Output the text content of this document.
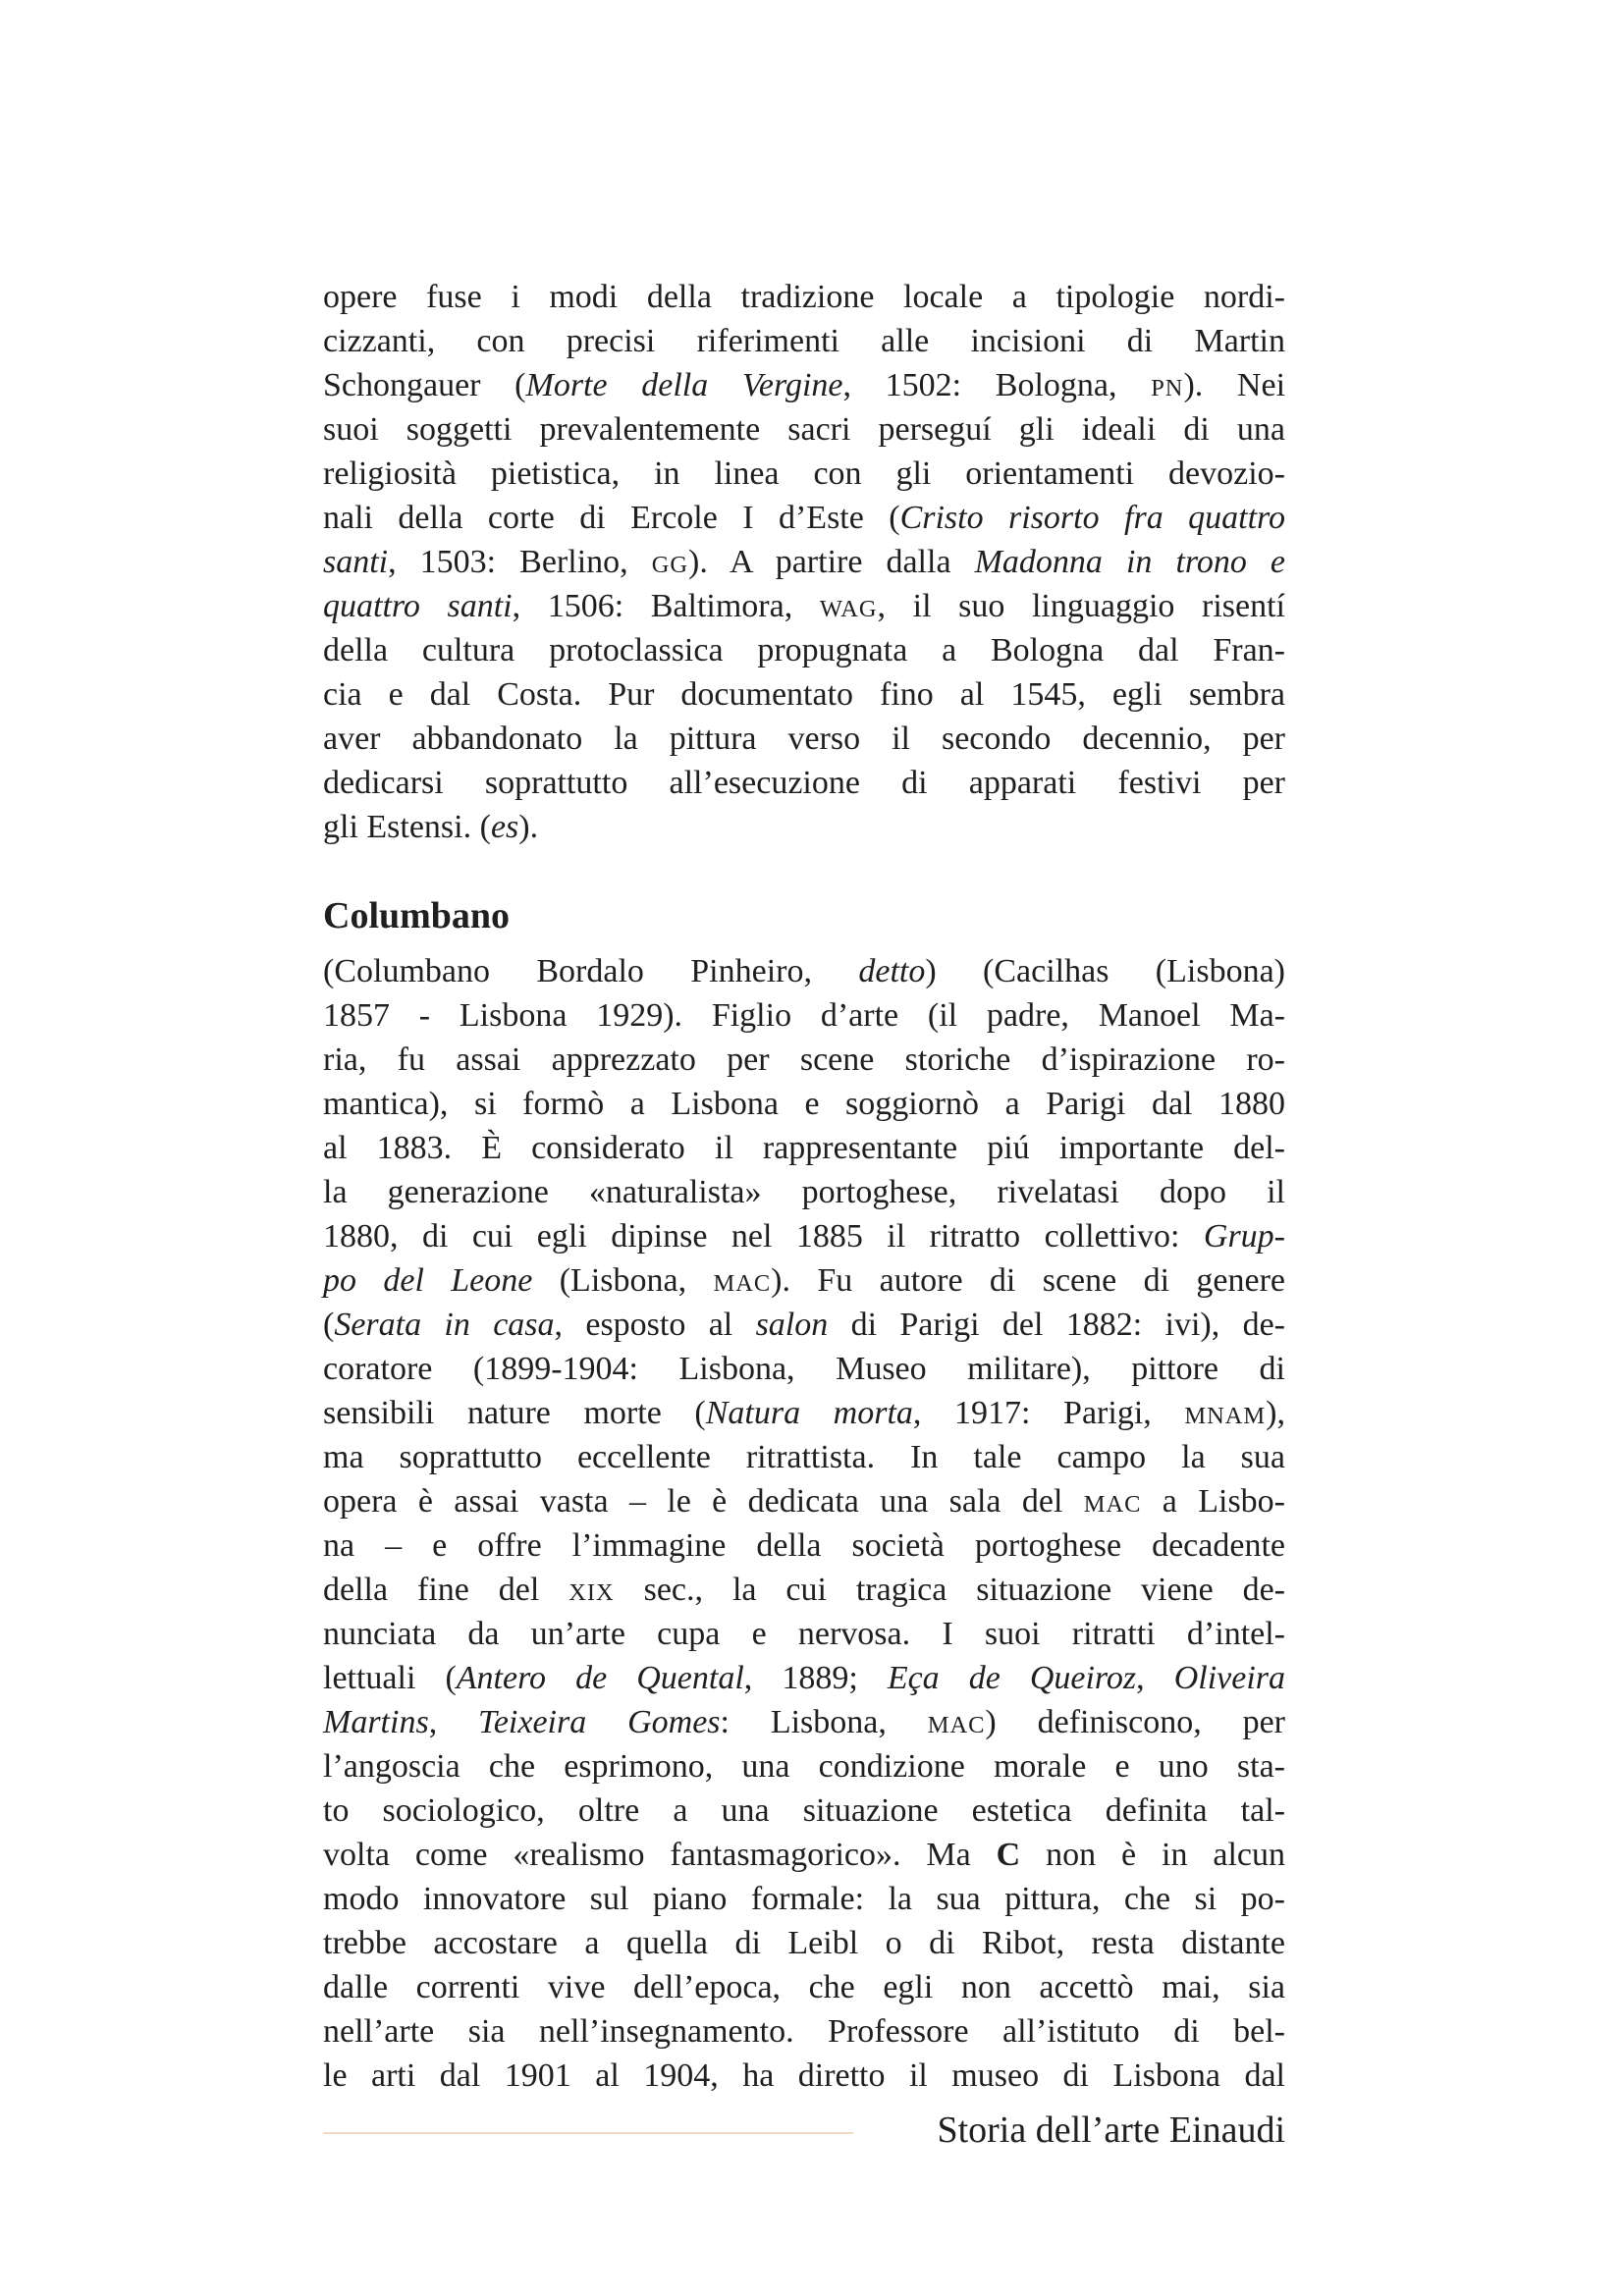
opere fuse i modi della tradizione locale a tipologie nordi-
cizzanti, con precisi riferimenti alle incisioni di Martin
Schongauer (Morte della Vergine, 1502: Bologna, PN). Nei
suoi soggetti prevalentemente sacri perseguí gli ideali di una
religiosità pietistica, in linea con gli orientamenti devozio-
nali della corte di Ercole I d’Este (Cristo risorto fra quattro
santi, 1503: Berlino, GG). A partire dalla Madonna in trono e
quattro santi, 1506: Baltimora, WAG, il suo linguaggio risentí
della cultura protoclassica propugnata a Bologna dal Fran-
cia e dal Costa. Pur documentato fino al 1545, egli sembra
aver abbandonato la pittura verso il secondo decennio, per
dedicarsi soprattutto all’esecuzione di apparati festivi per
gli Estensi. (es).
Columbano
(Columbano Bordalo Pinheiro, detto) (Cacilhas (Lisbona)
1857 - Lisbona 1929). Figlio d’arte (il padre, Manoel Ma-
ria, fu assai apprezzato per scene storiche d’ispirazione ro-
mantica), si formò a Lisbona e soggiornò a Parigi dal 1880
al 1883. È considerato il rappresentante piú importante del-
la generazione «naturalista» portoghese, rivelatasi dopo il
1880, di cui egli dipinse nel 1885 il ritratto collettivo: Grup-
po del Leone (Lisbona, MAC). Fu autore di scene di genere
(Serata in casa, esposto al salon di Parigi del 1882: ivi), de-
coratore (1899-1904: Lisbona, Museo militare), pittore di
sensibili nature morte (Natura morta, 1917: Parigi, MNAM),
ma soprattutto eccellente ritrattista. In tale campo la sua
opera è assai vasta – le è dedicata una sala del MAC a Lisbo-
na – e offre l’immagine della società portoghese decadente
della fine del XIX sec., la cui tragica situazione viene de-
nunciata da un’arte cupa e nervosa. I suoi ritratti d’intel-
lettuali (Antero de Quental, 1889; Eça de Queiroz, Oliveira
Martins, Teixeira Gomes: Lisbona, MAC) definiscono, per
l’angoscia che esprimono, una condizione morale e uno sta-
to sociologico, oltre a una situazione estetica definita tal-
volta come «realismo fantasmagorico». Ma C non è in alcun
modo innovatore sul piano formale: la sua pittura, che si po-
trebbe accostare a quella di Leibl o di Ribot, resta distante
dalle correnti vive dell’epoca, che egli non accettò mai, sia
nell’arte sia nell’insegnamento. Professore all’istituto di bel-
le arti dal 1901 al 1904, ha diretto il museo di Lisbona dal
Storia dell’arte Einaudi
